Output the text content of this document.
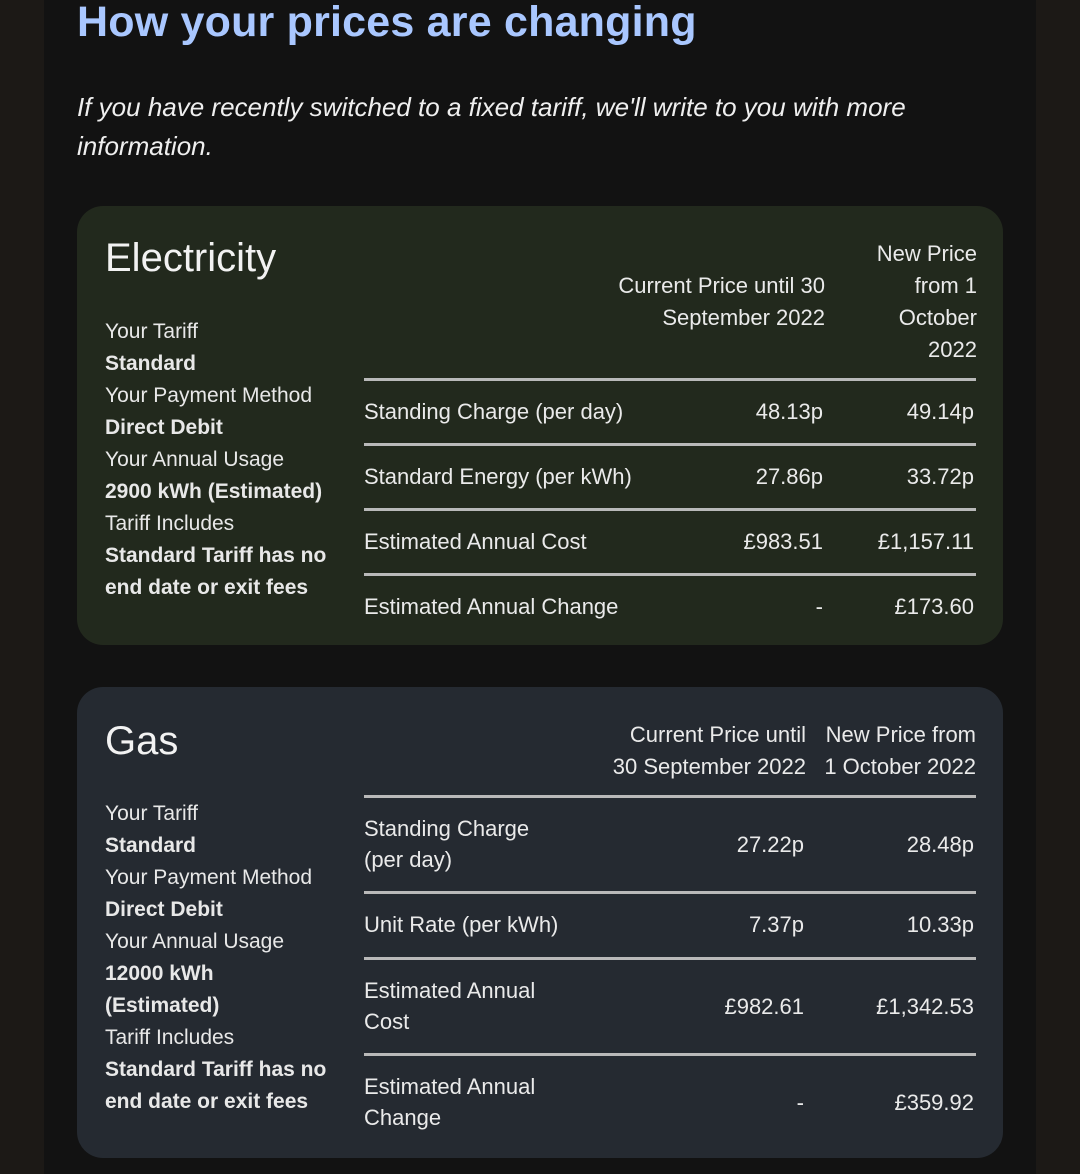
How your prices are changing
If you have recently switched to a fixed tariff, we'll write to you with more information.
Electricity
Your Tariff
Standard
Your Payment Method
Direct Debit
Your Annual Usage
2900 kWh (Estimated)
Tariff Includes
Standard Tariff has no end date or exit fees
Current Price until 30 September 2022
New Price from 1 October 2022
Standing Charge (per day)	48.13p	49.14p
Standard Energy (per kWh)	27.86p	33.72p
Estimated Annual Cost	£983.51 £1,157.11
Estimated Annual Change	-	£173.60
Gas
Your Tariff
Standard
Your Payment Method
Direct Debit
Your Annual Usage
12000 kWh (Estimated)
Tariff Includes
Standard Tariff has no end date or exit fees
Current Price until
30 September 2022
New Price from
1 October 2022
Standing Charge (per day)
27.22p	28.48p
Unit Rate (per kWh)	7.37p	10.33p
Estimated Annual Cost
£982.61	£1,342.53
Estimated Annual Change
-	£359.92
